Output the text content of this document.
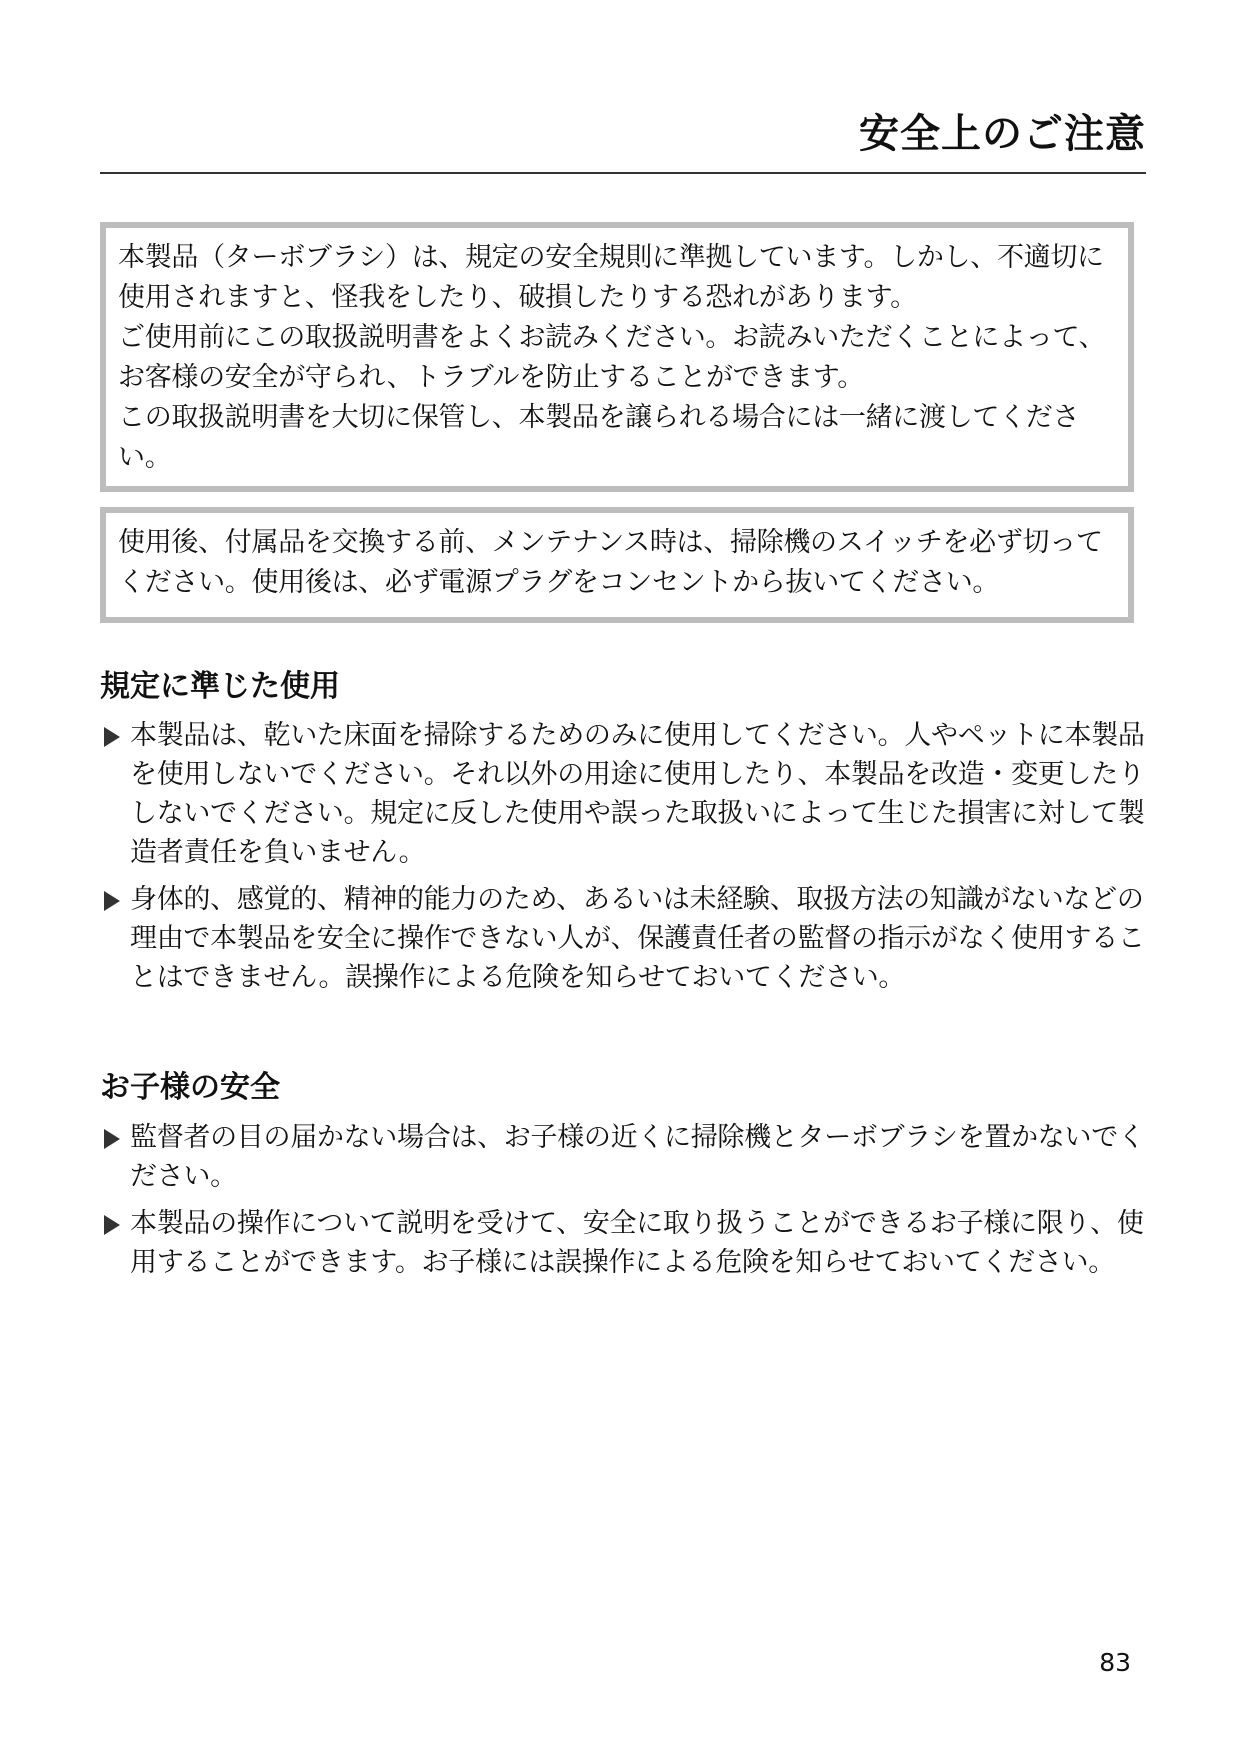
安全上のご注意

本製品（ターボブラシ）は、規定の安全規則に準拠しています。しかし、不適切に使用されますと、怪我をしたり、破損したりする恐れがあります。

ご使用前にこの取扱説明書をよくお読みください。お読みいただくことによって、お客様の安全が守られ、トラブルを防止することができます。

この取扱説明書を大切に保管し、本製品を譲られる場合には一緒に渡してください。

使用後、付属品を交換する前、メンテナンス時は、掃除機のスイッチを必ず切ってください。使用後は、必ず電源プラグをコンセントから抜いてください。

規定に準じた使用
本製品は、乾いた床面を掃除するためのみに使用してください。人やペットに本製品を使用しないでください。それ以外の用途に使用したり、本製品を改造・変更したりしないでください。規定に反した使用や誤った取扱いによって生じた損害に対して製造者責任を負いません。
身体的、感覚的、精神的能力のため、あるいは未経験、取扱方法の知識がないなどの理由で本製品を安全に操作できない人が、保護責任者の監督の指示がなく使用することはできません。誤操作による危険を知らせておいてください。
お子様の安全
監督者の目の届かない場合は、お子様の近くに掃除機とターボブラシを置かないでください。
本製品の操作について説明を受けて、安全に取り扱うことができるお子様に限り、使用することができます。お子様には誤操作による危険を知らせておいてください。
83
